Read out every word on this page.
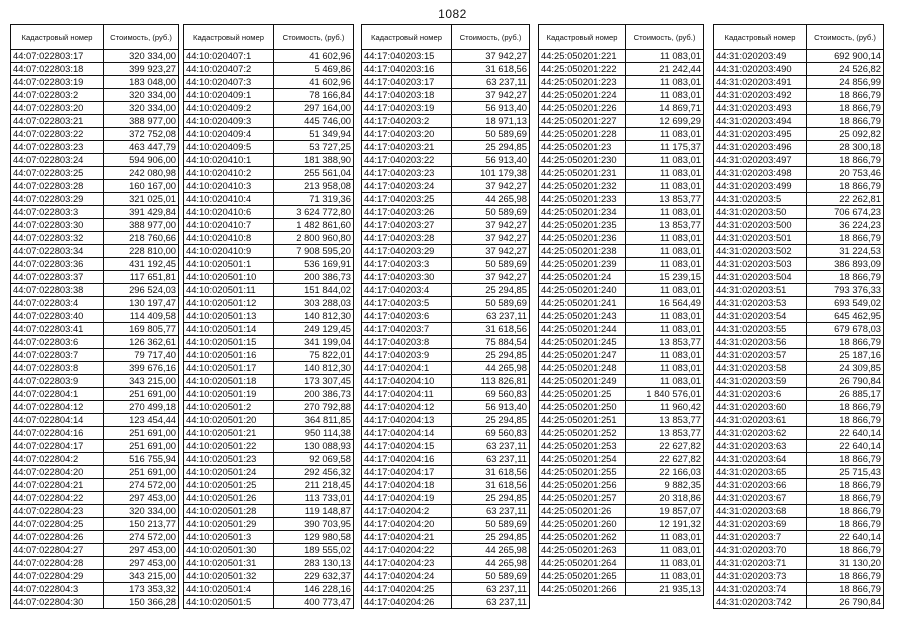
1082
Кадастровый номер	Стоимость, (руб.)
44:07:022803:17	320 334,00
44:07:022803:18	399 923,27
44:07:022803:19	183 048,00
44:07:022803:2	320 334,00
44:07:022803:20	320 334,00
44:07:022803:21	388 977,00
44:07:022803:22	372 752,08
44:07:022803:23	463 447,79
44:07:022803:24	594 906,00
44:07:022803:25	242 080,98
44:07:022803:28	160 167,00
44:07:022803:29	321 025,01
44:07:022803:3	391 429,84
44:07:022803:30	388 977,00
44:07:022803:32	218 760,66
44:07:022803:34	228 810,00
44:07:022803:36	431 192,45
44:07:022803:37	117 651,81
44:07:022803:38	296 524,03
44:07:022803:4	130 197,47
44:07:022803:40	114 409,58
44:07:022803:41	169 805,77
44:07:022803:6	126 362,61
44:07:022803:7	79 717,40
44:07:022803:8	399 676,16
44:07:022803:9	343 215,00
44:07:022804:1	251 691,00
44:07:022804:12	270 499,18
44:07:022804:14	123 454,44
44:07:022804:16	251 691,00
44:07:022804:17	251 691,00
44:07:022804:2	516 755,94
44:07:022804:20	251 691,00
44:07:022804:21	274 572,00
44:07:022804:22	297 453,00
44:07:022804:23	320 334,00
44:07:022804:25	150 213,77
44:07:022804:26	274 572,00
44:07:022804:27	297 453,00
44:07:022804:28	297 453,00
44:07:022804:29	343 215,00
44:07:022804:3	173 353,32
44:07:022804:30	150 366,28
Кадастровый номер	Стоимость, (руб.)
44:10:020407:1	41 602,96
44:10:020407:2	5 469,86
44:10:020407:3	41 602,96
44:10:020409:1	78 166,84
44:10:020409:2	297 164,00
44:10:020409:3	445 746,00
44:10:020409:4	51 349,94
44:10:020409:5	53 727,25
44:10:020410:1	181 388,90
44:10:020410:2	255 561,04
44:10:020410:3	213 958,08
44:10:020410:4	71 319,36
44:10:020410:6	3 624 772,80
44:10:020410:7	1 482 861,60
44:10:020410:8	2 800 960,80
44:10:020410:9	7 908 595,20
44:10:020501:1	536 169,91
44:10:020501:10	200 386,73
44:10:020501:11	151 844,02
44:10:020501:12	303 288,03
44:10:020501:13	140 812,30
44:10:020501:14	249 129,45
44:10:020501:15	341 199,04
44:10:020501:16	75 822,01
44:10:020501:17	140 812,30
44:10:020501:18	173 307,45
44:10:020501:19	200 386,73
44:10:020501:2	270 792,88
44:10:020501:20	364 811,85
44:10:020501:21	950 114,38
44:10:020501:22	130 088,93
44:10:020501:23	92 069,58
44:10:020501:24	292 456,32
44:10:020501:25	211 218,45
44:10:020501:26	113 733,01
44:10:020501:28	119 148,87
44:10:020501:29	390 703,95
44:10:020501:3	129 980,58
44:10:020501:30	189 555,02
44:10:020501:31	283 130,13
44:10:020501:32	229 632,37
44:10:020501:4	146 228,16
44:10:020501:5	400 773,47
Кадастровый номер	Стоимость, (руб.)
44:17:040203:15	37 942,27
44:17:040203:16	31 618,56
44:17:040203:17	63 237,11
44:17:040203:18	37 942,27
44:17:040203:19	56 913,40
44:17:040203:2	18 971,13
44:17:040203:20	50 589,69
44:17:040203:21	25 294,85
44:17:040203:22	56 913,40
44:17:040203:23	101 179,38
44:17:040203:24	37 942,27
44:17:040203:25	44 265,98
44:17:040203:26	50 589,69
44:17:040203:27	37 942,27
44:17:040203:28	37 942,27
44:17:040203:29	37 942,27
44:17:040203:3	50 589,69
44:17:040203:30	37 942,27
44:17:040203:4	25 294,85
44:17:040203:5	50 589,69
44:17:040203:6	63 237,11
44:17:040203:7	31 618,56
44:17:040203:8	75 884,54
44:17:040203:9	25 294,85
44:17:040204:1	44 265,98
44:17:040204:10	113 826,81
44:17:040204:11	69 560,83
44:17:040204:12	56 913,40
44:17:040204:13	25 294,85
44:17:040204:14	69 560,83
44:17:040204:15	63 237,11
44:17:040204:16	63 237,11
44:17:040204:17	31 618,56
44:17:040204:18	31 618,56
44:17:040204:19	25 294,85
44:17:040204:2	63 237,11
44:17:040204:20	50 589,69
44:17:040204:21	25 294,85
44:17:040204:22	44 265,98
44:17:040204:23	44 265,98
44:17:040204:24	50 589,69
44:17:040204:25	63 237,11
44:17:040204:26	63 237,11
Кадастровый номер	Стоимость, (руб.)
44:25:050201:221	11 083,01
44:25:050201:222	21 242,44
44:25:050201:223	11 083,01
44:25:050201:224	11 083,01
44:25:050201:226	14 869,71
44:25:050201:227	12 699,29
44:25:050201:228	11 083,01
44:25:050201:23	11 175,37
44:25:050201:230	11 083,01
44:25:050201:231	11 083,01
44:25:050201:232	11 083,01
44:25:050201:233	13 853,77
44:25:050201:234	11 083,01
44:25:050201:235	13 853,77
44:25:050201:236	11 083,01
44:25:050201:238	11 083,01
44:25:050201:239	11 083,01
44:25:050201:24	15 239,15
44:25:050201:240	11 083,01
44:25:050201:241	16 564,49
44:25:050201:243	11 083,01
44:25:050201:244	11 083,01
44:25:050201:245	13 853,77
44:25:050201:247	11 083,01
44:25:050201:248	11 083,01
44:25:050201:249	11 083,01
44:25:050201:25	1 840 576,01
44:25:050201:250	11 960,42
44:25:050201:251	13 853,77
44:25:050201:252	13 853,77
44:25:050201:253	22 627,82
44:25:050201:254	22 627,82
44:25:050201:255	22 166,03
44:25:050201:256	9 882,35
44:25:050201:257	20 318,86
44:25:050201:26	19 857,07
44:25:050201:260	12 191,32
44:25:050201:262	11 083,01
44:25:050201:263	11 083,01
44:25:050201:264	11 083,01
44:25:050201:265	11 083,01
44:25:050201:266	21 935,13
Кадастровый номер	Стоимость, (руб.)
44:31:020203:49	692 900,14
44:31:020203:490	24 526,82
44:31:020203:491	24 856,99
44:31:020203:492	18 866,79
44:31:020203:493	18 866,79
44:31:020203:494	18 866,79
44:31:020203:495	25 092,82
44:31:020203:496	28 300,18
44:31:020203:497	18 866,79
44:31:020203:498	20 753,46
44:31:020203:499	18 866,79
44:31:020203:5	22 262,81
44:31:020203:50	706 674,23
44:31:020203:500	36 224,23
44:31:020203:501	18 866,79
44:31:020203:502	31 224,53
44:31:020203:503	386 893,09
44:31:020203:504	18 866,79
44:31:020203:51	793 376,33
44:31:020203:53	693 549,02
44:31:020203:54	645 462,95
44:31:020203:55	679 678,03
44:31:020203:56	18 866,79
44:31:020203:57	25 187,16
44:31:020203:58	24 309,85
44:31:020203:59	26 790,84
44:31:020203:6	26 885,17
44:31:020203:60	18 866,79
44:31:020203:61	18 866,79
44:31:020203:62	22 640,14
44:31:020203:63	22 640,14
44:31:020203:64	18 866,79
44:31:020203:65	25 715,43
44:31:020203:66	18 866,79
44:31:020203:67	18 866,79
44:31:020203:68	18 866,79
44:31:020203:69	18 866,79
44:31:020203:7	22 640,14
44:31:020203:70	18 866,79
44:31:020203:71	31 130,20
44:31:020203:73	18 866,79
44:31:020203:74	18 866,79
44:31:020203:742	26 790,84
